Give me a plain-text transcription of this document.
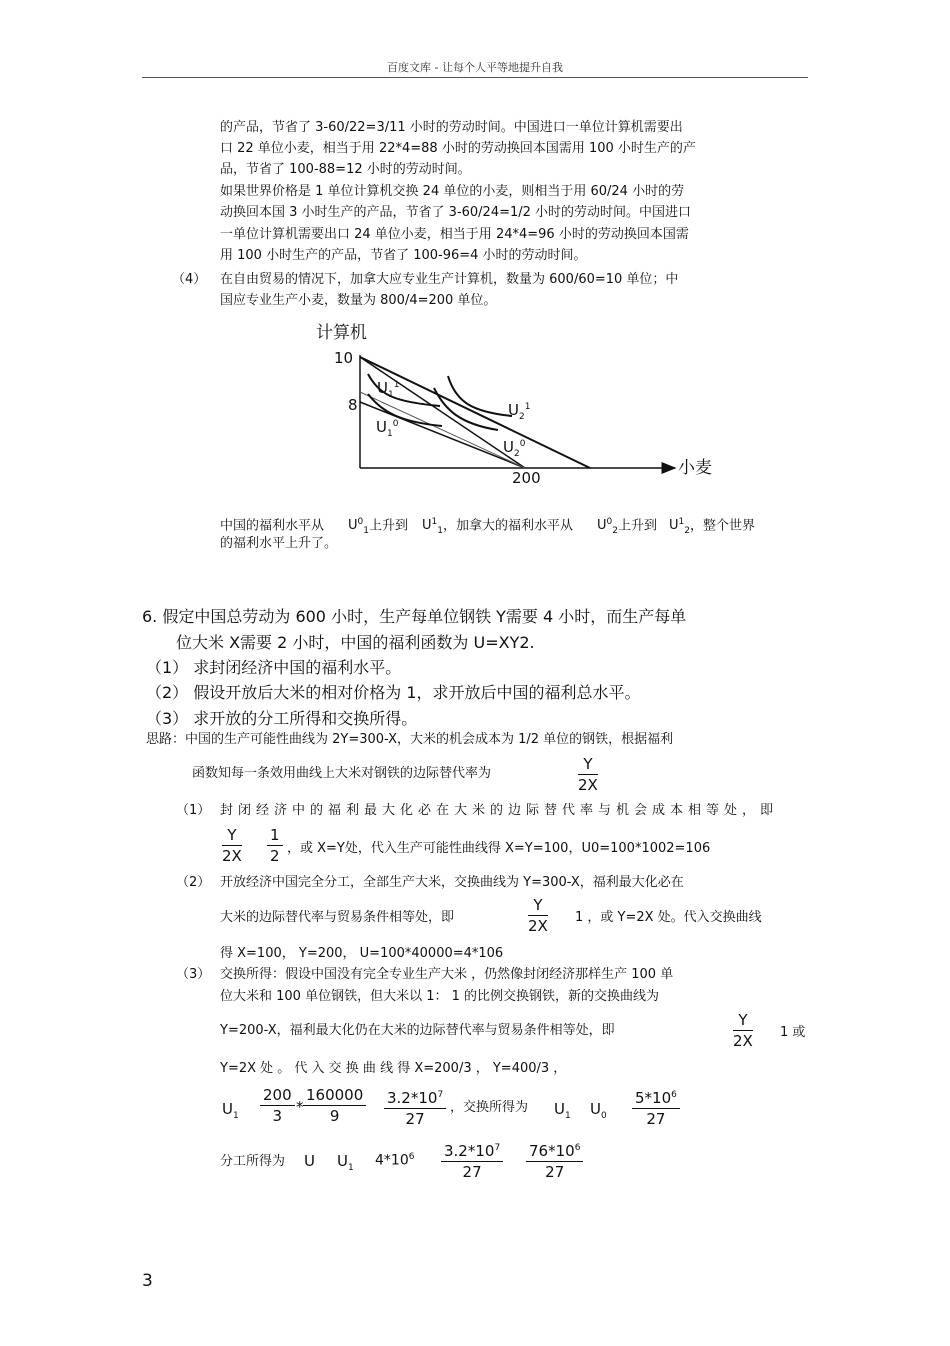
百度文库 - 让每个人平等地提升自我
的产品，节省了 3-60/22=3/11 小时的劳动时间。中国进口一单位计算机需要出
口 22 单位小麦，相当于用 22*4=88 小时的劳动换回本国需用 100 小时生产的产
品，节省了 100-88=12 小时的劳动时间。
如果世界价格是 1 单位计算机交换 24 单位的小麦，则相当于用 60/24 小时的劳
动换回本国 3 小时生产的产品，节省了 3-60/24=1/2 小时的劳动时间。中国进口
一单位计算机需要出口 24 单位小麦，相当于用 24*4=96 小时的劳动换回本国需
用 100 小时生产的产品，节省了 100-96=4 小时的劳动时间。
（4） 在自由贸易的情况下，加拿大应专业生产计算机，数量为 600/60=10 单位；中
国应专业生产小麦，数量为 800/4=200 单位。
计算机
10
8
200	小麦
$U_1^1$
$U_1^0$
$U_2^1$
$U_2^0$
中国的福利水平从 $U^0_1$上升到 $U^1_1$，加拿大的福利水平从 $U^0_2$上升到 $U^1_2$，整个世界
的福利水平上升了。
6. 假定中国总劳动为 600 小时，生产每单位钢铁 Y需要 4 小时，而生产每单
位大米 X需要 2 小时，中国的福利函数为 U=XY2.
（1） 求封闭经济中国的福利水平。
（2） 假设开放后大米的相对价格为 1，求开放后中国的福利总水平。
（3） 求开放的分工所得和交换所得。
思路：中国的生产可能性曲线为 2Y=300-X，大米的机会成本为 1/2 单位的钢铁，根据福利
函数知每一条效用曲线上大米对钢铁的边际替代率为	$\frac{Y}{2X}$
（1） 封闭经济中的福利最大化必在大米的边际替代率与机会成本相等处，即
$\frac{Y}{2X} \frac{1}{2}$ ，或 X=Y处，代入生产可能性曲线得 X=Y=100，U0=100*1002=106
（2） 开放经济中国完全分工，全部生产大米，交换曲线为 Y=300-X，福利最大化必在
大米的边际替代率与贸易条件相等处，即	$\frac{Y}{2X} 1$ ，或 Y=2X 处。代入交换曲线
得 X=100， Y=200， U=100*40000=4*106
（3） 交换所得：假设中国没有完全专业生产大米 ，仍然像封闭经济那样生产 100 单
位大米和 100 单位钢铁，但大米以 1： 1 的比例交换钢铁，新的交换曲线为
Y=200-X，福利最大化仍在大米的边际替代率与贸易条件相等处，即	$\frac{Y}{2X} 1$ 或
Y=2X 处 。 代 入 交 换 曲 线 得 X=200/3 ， Y=400/3 ，
$U_1 \frac{200}{3} * \frac{160000}{9} \frac{3.2*10^7}{27}$ ，交换所得为 $U_1$ $U_0 \frac{5*10^6}{27}$
分工所得为 U $U_1$ $4*10^6 \frac{3.2*10^7}{27} \frac{76*10^6}{27}$
3
